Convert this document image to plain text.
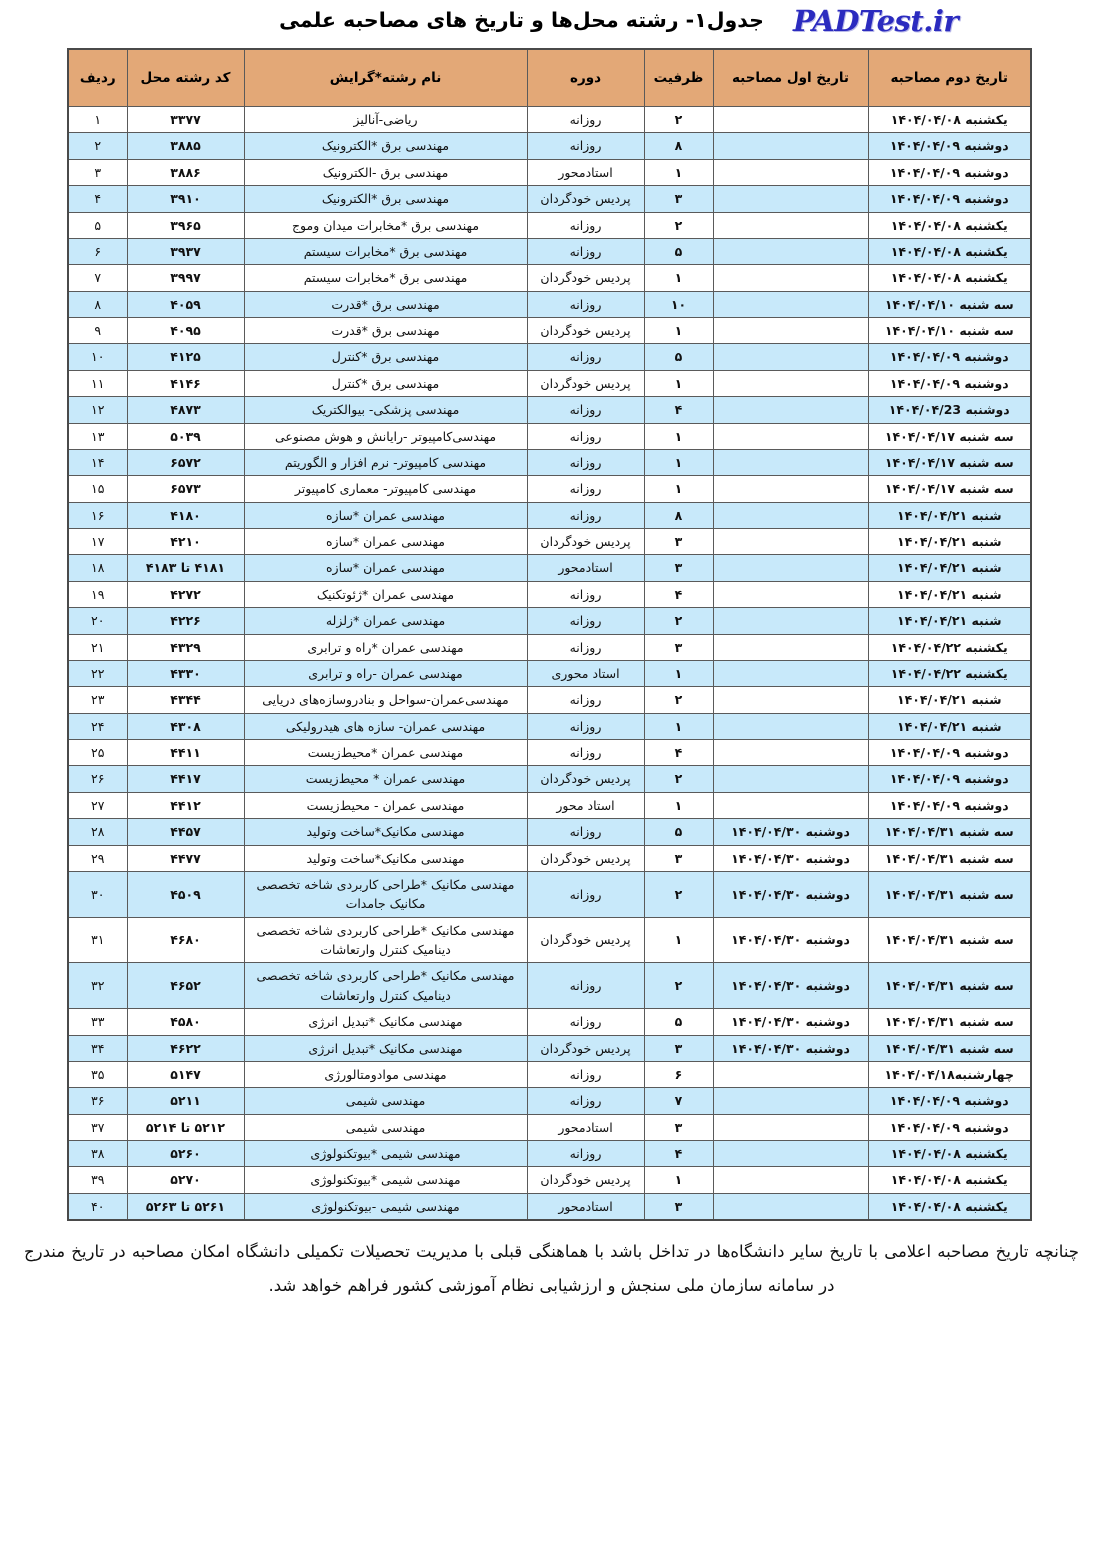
PADTest.ir
جدول۱- رشته محل‌ها و تاریخ های مصاحبه علمی
تاریخ دوم مصاحبه	تاریخ اول مصاحبه	ظرفیت	دوره	نام رشته*گرایش	کد رشته محل	ردیف
یکشنبه ۱۴۰۴/۰۴/۰۸		۲	روزانه	ریاضی-آنالیز	۳۳۷۷	۱
دوشنبه ۱۴۰۴/۰۴/۰۹		۸	روزانه	مهندسی برق *الکترونیک	۳۸۸۵	۲
دوشنبه ۱۴۰۴/۰۴/۰۹		۱	استادمحور	مهندسی برق -الکترونیک	۳۸۸۶	۳
دوشنبه ۱۴۰۴/۰۴/۰۹		۳	پردیس خودگردان	مهندسی برق *الکترونیک	۳۹۱۰	۴
یکشنبه ۱۴۰۴/۰۴/۰۸		۲	روزانه	مهندسی برق *مخابرات میدان وموج	۳۹۶۵	۵
یکشنبه ۱۴۰۴/۰۴/۰۸		۵	روزانه	مهندسی برق *مخابرات سیستم	۳۹۳۷	۶
یکشنبه ۱۴۰۴/۰۴/۰۸		۱	پردیس خودگردان	مهندسی برق *مخابرات سیستم	۳۹۹۷	۷
سه شنبه ۱۴۰۴/۰۴/۱۰		۱۰	روزانه	مهندسی برق *قدرت	۴۰۵۹	۸
سه شنبه ۱۴۰۴/۰۴/۱۰		۱	پردیس خودگردان	مهندسی برق *قدرت	۴۰۹۵	۹
دوشنبه ۱۴۰۴/۰۴/۰۹		۵	روزانه	مهندسی برق *کنترل	۴۱۲۵	۱۰
دوشنبه ۱۴۰۴/۰۴/۰۹		۱	پردیس خودگردان	مهندسی برق *کنترل	۴۱۴۶	۱۱
دوشنبه ۱۴۰۴/۰۴/23		۴	روزانه	مهندسی پزشکی- بیوالکتریک	۴۸۷۳	۱۲
سه شنبه ۱۴۰۴/۰۴/۱۷		۱	روزانه	مهندسی‌کامپیوتر -رایانش و هوش مصنوعی	۵۰۳۹	۱۳
سه شنبه ۱۴۰۴/۰۴/۱۷		۱	روزانه	مهندسی کامپیوتر- نرم افزار و الگوریتم	۶۵۷۲	۱۴
سه شنبه ۱۴۰۴/۰۴/۱۷		۱	روزانه	مهندسی کامپیوتر- معماری کامپیوتر	۶۵۷۳	۱۵
شنبه ۱۴۰۴/۰۴/۲۱		۸	روزانه	مهندسی عمران *سازه	۴۱۸۰	۱۶
شنبه ۱۴۰۴/۰۴/۲۱		۳	پردیس خودگردان	مهندسی عمران *سازه	۴۲۱۰	۱۷
شنبه ۱۴۰۴/۰۴/۲۱		۳	استادمحور	مهندسی عمران *سازه	۴۱۸۱ تا ۴۱۸۳	۱۸
شنبه ۱۴۰۴/۰۴/۲۱		۴	روزانه	مهندسی عمران *ژئوتکنیک	۴۲۷۲	۱۹
شنبه ۱۴۰۴/۰۴/۲۱		۲	روزانه	مهندسی عمران *زلزله	۴۲۲۶	۲۰
یکشنبه ۱۴۰۴/۰۴/۲۲		۳	روزانه	مهندسی عمران *راه و ترابری	۴۳۲۹	۲۱
یکشنبه ۱۴۰۴/۰۴/۲۲		۱	استاد محوری	مهندسی عمران -راه و ترابری	۴۳۳۰	۲۲
شنبه ۱۴۰۴/۰۴/۲۱		۲	روزانه	مهندسی‌عمران-سواحل و بنادروسازه‌های دریایی	۴۳۴۴	۲۳
شنبه ۱۴۰۴/۰۴/۲۱		۱	روزانه	مهندسی عمران- سازه های هیدرولیکی	۴۳۰۸	۲۴
دوشنبه ۱۴۰۴/۰۴/۰۹		۴	روزانه	مهندسی عمران *محیط‌زیست	۴۴۱۱	۲۵
دوشنبه ۱۴۰۴/۰۴/۰۹		۲	پردیس خودگردان	مهندسی عمران * محیط‌زیست	۴۴۱۷	۲۶
دوشنبه ۱۴۰۴/۰۴/۰۹		۱	استاد محور	مهندسی عمران - محیط‌زیست	۴۴۱۲	۲۷
سه شنبه ۱۴۰۴/۰۴/۳۱	دوشنبه ۱۴۰۴/۰۴/۳۰	۵	روزانه	مهندسی مکانیک*ساخت وتولید	۴۴۵۷	۲۸
سه شنبه ۱۴۰۴/۰۴/۳۱	دوشنبه ۱۴۰۴/۰۴/۳۰	۳	پردیس خودگردان	مهندسی مکانیک*ساخت وتولید	۴۴۷۷	۲۹
سه شنبه ۱۴۰۴/۰۴/۳۱	دوشنبه ۱۴۰۴/۰۴/۳۰	۲	روزانه	مهندسی مکانیک *طراحی کاربردی شاخه تخصصی مکانیک جامدات	۴۵۰۹	۳۰
سه شنبه ۱۴۰۴/۰۴/۳۱	دوشنبه ۱۴۰۴/۰۴/۳۰	۱	پردیس خودگردان	مهندسی مکانیک *طراحی کاربردی شاخه تخصصی دینامیک کنترل وارتعاشات	۴۶۸۰	۳۱
سه شنبه ۱۴۰۴/۰۴/۳۱	دوشنبه ۱۴۰۴/۰۴/۳۰	۲	روزانه	مهندسی مکانیک *طراحی کاربردی شاخه تخصصی دینامیک کنترل وارتعاشات	۴۶۵۲	۳۲
سه شنبه ۱۴۰۴/۰۴/۳۱	دوشنبه ۱۴۰۴/۰۴/۳۰	۵	روزانه	مهندسی مکانیک *تبدیل انرژی	۴۵۸۰	۳۳
سه شنبه ۱۴۰۴/۰۴/۳۱	دوشنبه ۱۴۰۴/۰۴/۳۰	۳	پردیس خودگردان	مهندسی مکانیک *تبدیل انرژی	۴۶۲۲	۳۴
چهارشنبه۱۴۰۴/۰۴/۱۸		۶	روزانه	مهندسی موادومتالورژی	۵۱۴۷	۳۵
دوشنبه ۱۴۰۴/۰۴/۰۹		۷	روزانه	مهندسی شیمی	۵۲۱۱	۳۶
دوشنبه ۱۴۰۴/۰۴/۰۹		۳	استادمحور	مهندسی شیمی	۵۲۱۲ تا ۵۲۱۴	۳۷
یکشنبه ۱۴۰۴/۰۴/۰۸		۴	روزانه	مهندسی شیمی *بیوتکنولوژی	۵۲۶۰	۳۸
یکشنبه ۱۴۰۴/۰۴/۰۸		۱	پردیس خودگردان	مهندسی شیمی *بیوتکنولوژی	۵۲۷۰	۳۹
یکشنبه ۱۴۰۴/۰۴/۰۸		۳	استادمحور	مهندسی شیمی -بیوتکنولوژی	۵۲۶۱ تا ۵۲۶۳	۴۰

چنانچه تاریخ مصاحبه اعلامی با تاریخ سایر دانشگاه‌ها در تداخل باشد با هماهنگی قبلی با مدیریت تحصیلات تکمیلی دانشگاه امکان مصاحبه در تاریخ مندرج

در سامانه سازمان ملی سنجش و ارزشیابی نظام آموزشی کشور فراهم خواهد شد.
